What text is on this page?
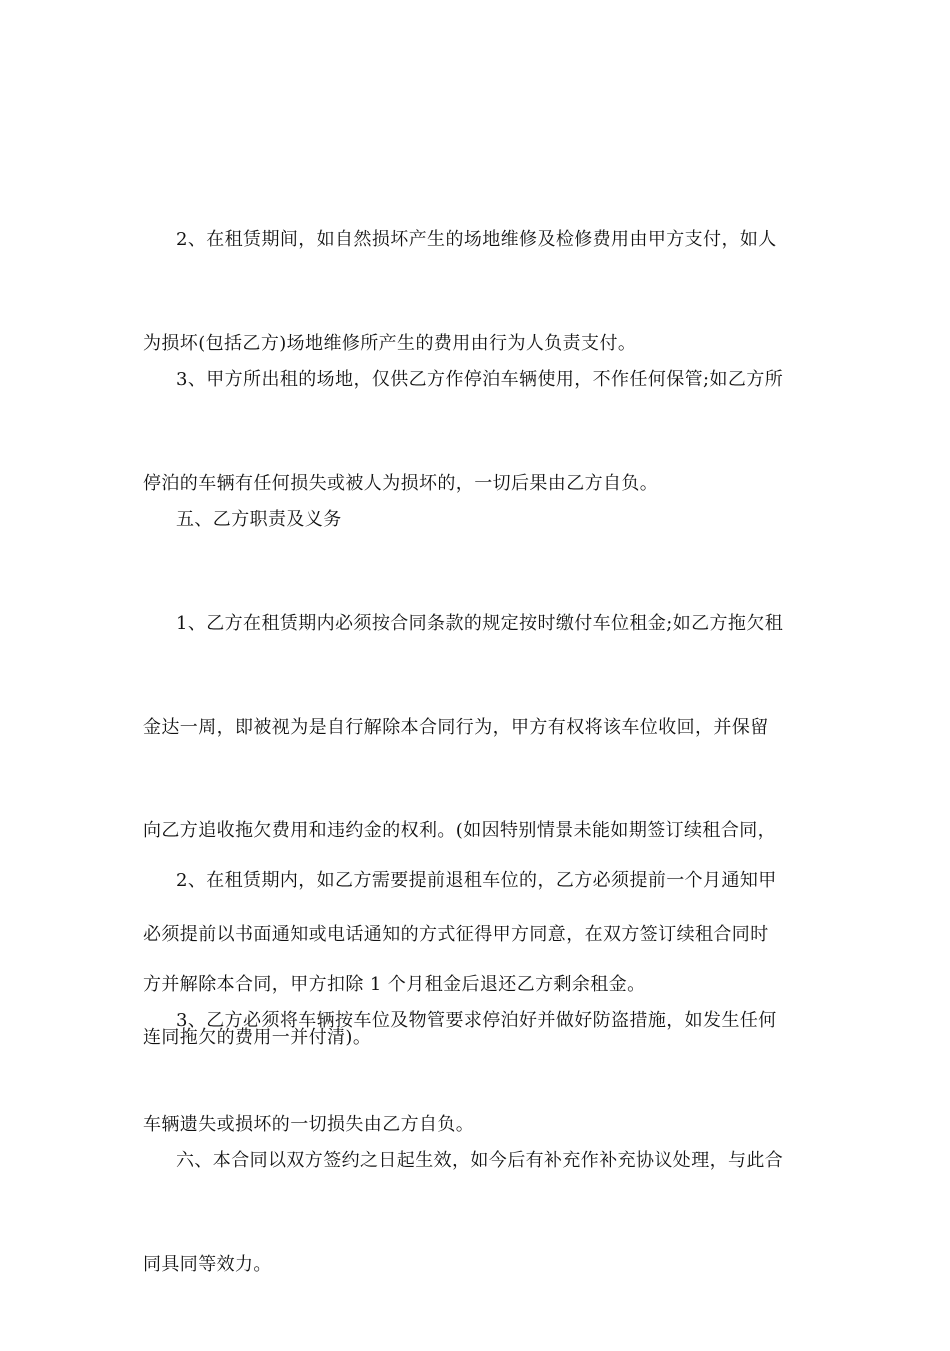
2、在租赁期间，如自然损坏产生的场地维修及检修费用由甲方支付，如人

为损坏(包括乙方)场地维修所产生的费用由行为人负责支付。

3、甲方所出租的场地，仅供乙方作停泊车辆使用，不作任何保管;如乙方所

停泊的车辆有任何损失或被人为损坏的，一切后果由乙方自负。

五、乙方职责及义务

1、乙方在租赁期内必须按合同条款的规定按时缴付车位租金;如乙方拖欠租

金达一周，即被视为是自行解除本合同行为，甲方有权将该车位收回，并保留

向乙方追收拖欠费用和违约金的权利。(如因特别情景未能如期签订续租合同，

必须提前以书面通知或电话通知的方式征得甲方同意，在双方签订续租合同时

连同拖欠的费用一并付清)。

2、在租赁期内，如乙方需要提前退租车位的，乙方必须提前一个月通知甲

方并解除本合同，甲方扣除 1 个月租金后退还乙方剩余租金。

3、乙方必须将车辆按车位及物管要求停泊好并做好防盗措施，如发生任何

车辆遗失或损坏的一切损失由乙方自负。

六、本合同以双方签约之日起生效，如今后有补充作补充协议处理，与此合

同具同等效力。
